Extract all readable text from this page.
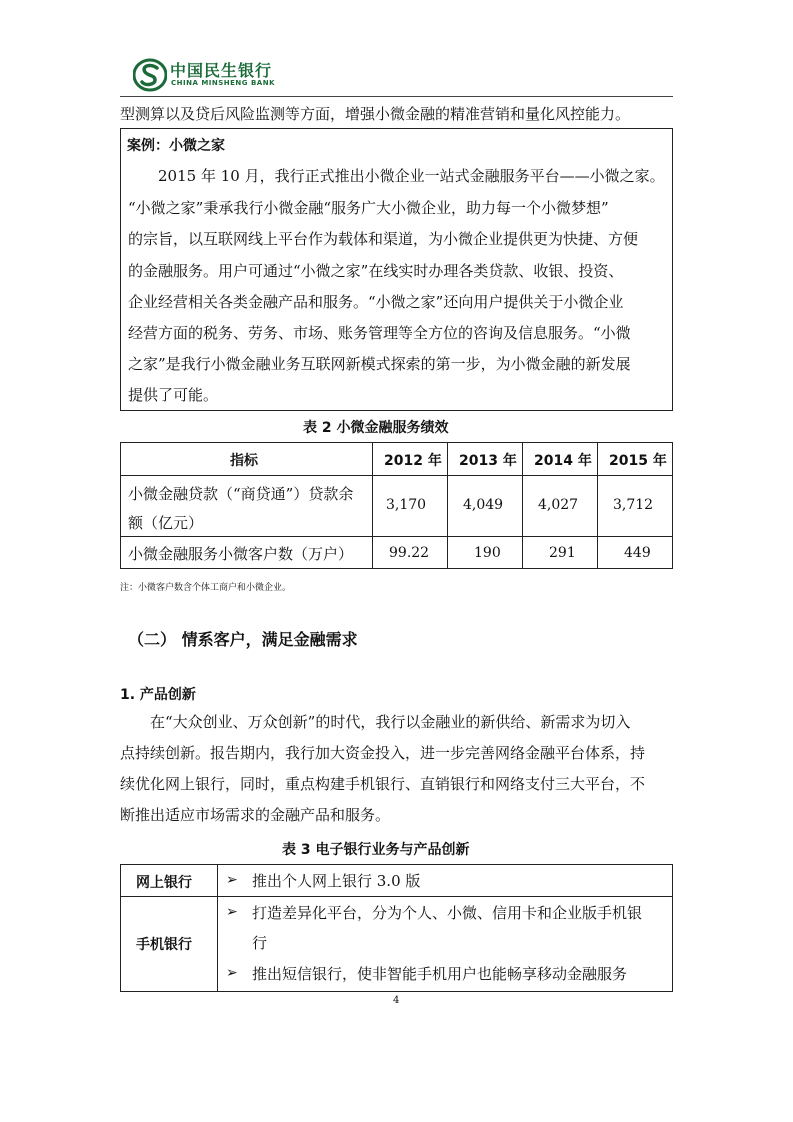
中国民生银行
CHINA MINSHENG BANK
型测算以及贷后风险监测等方面，增强小微金融的精准营销和量化风控能力。
案例：小微之家
2015 年 10 月，我行正式推出小微企业一站式金融服务平台——小微之家。
“小微之家”秉承我行小微金融“服务广大小微企业，助力每一个小微梦想”
的宗旨，以互联网线上平台作为载体和渠道，为小微企业提供更为快捷、方便
的金融服务。用户可通过“小微之家”在线实时办理各类贷款、收银、投资、
企业经营相关各类金融产品和服务。“小微之家”还向用户提供关于小微企业
经营方面的税务、劳务、市场、账务管理等全方位的咨询及信息服务。“小微
之家”是我行小微金融业务互联网新模式探索的第一步，为小微金融的新发展
提供了可能。
表 2 小微金融服务绩效
指标	2012 年 2013 年 2014 年 2015 年
小微金融贷款（“商贷通”）贷款余
额（亿元）
3,170	4,049 4,027 3,712
小微金融服务小微客户数（万户）	99.22	190	291	449
注：小微客户数含个体工商户和小微企业。
（二） 情系客户，满足金融需求
1. 产品创新
在“大众创业、万众创新”的时代，我行以金融业的新供给、新需求为切入
点持续创新。报告期内，我行加大资金投入，进一步完善网络金融平台体系，持
续优化网上银行，同时，重点构建手机银行、直销银行和网络支付三大平台，不
断推出适应市场需求的金融产品和服务。
表 3 电子银行业务与产品创新
网上银行 ➢ 推出个人网上银行 3.0 版
手机银行
➢ 打造差异化平台，分为个人、小微、信用卡和企业版手机银
行
➢ 推出短信银行，使非智能手机用户也能畅享移动金融服务
4
